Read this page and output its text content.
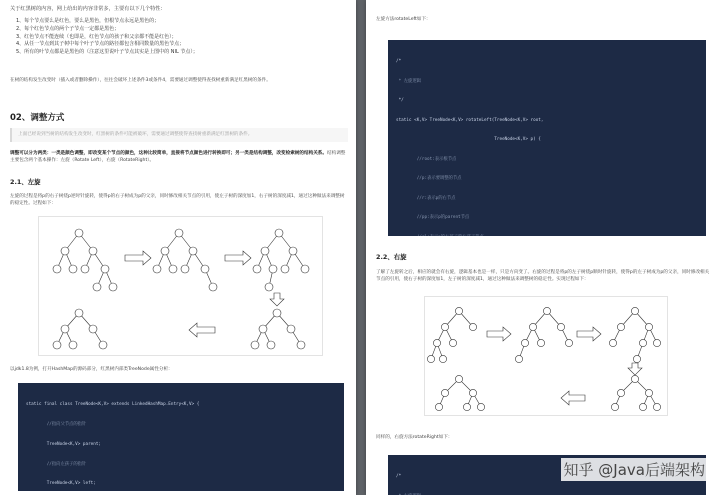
关于红黑树的内容，网上给出的内容非常多，主要有以下几个特性：
1、每个节点要么是红色，要么是黑色，但根节点永远是黑色的；
2、每个红色节点的两个子节点一定都是黑色；
3、红色节点不能连续（也即是，红色节点的孩子和父亲都不能是红色）；
4、从任一节点到其子树中每个叶子节点的路径都包含相同数量的黑色节点；
5、所有的叶节点都是是黑色的（注意这里说叶子节点其实是上图中的 NIL 节点）；
在树的结构发生改变时（插入或者删除操作），往往会破坏上述条件3或条件4，需要通过调整使得查找树重新满足红黑树的条件。
02、调整方式
上面已经说到当树的结构发生改变时，红黑树的条件可能被破坏，需要通过调整使得查找树重新满足红黑树的条件。
调整可以分为两类：一类是颜色调整，即改变某个节点的颜色，这种比较简单，直接将节点颜色进行转换即可；另一类是结构调整，改变检索树的结构关系。结构调整主要包含两个基本操作：左旋（Rotate Left），右旋（RotateRight）。
2.1、左旋
左旋的过程是将p的右子树绕p逆时针旋转，使得p的右子树成为p的父亲，同时修改相关节点的引用，使左子树的深度加1，右子树的深度减1，通过这种做法来调整树的稳定性。过程如下：
以jdk1.8为例，打开HashMap的源码部分，红黑树内部类TreeNode属性分析：

static final class TreeNode<K,V> extends LinkedHashMap.Entry<K,V> {

//指向父节点的指针

TreeNode<K,V> parent;

//指向左孩子的指针

TreeNode<K,V> left;

左旋方法rotateLeft如下：

/*

* 左旋逻辑

*/

static <K,V> TreeNode<K,V> rotateLeft(TreeNode<K,V> root,

TreeNode<K,V> p) {

//root:表示根节点

//p:表示要调整的节点

//r:表示p的右节点

//pp:表示p的parent节点

2.2、右旋
了解了左旋转之后，相应的就会有右旋，逻辑基本也是一样，只是方向变了。右旋的过程是将p的左子树绕p顺时针旋转，使得p的左子树成为p的父亲，同时修改相关节点的引用，使右子树的深度加1，左子树的深度减1，通过这种做法来调整树的稳定性。实现过程如下：
同样的，右旋方法rotateRight如下：

/*

	知乎 @Java后端架构
